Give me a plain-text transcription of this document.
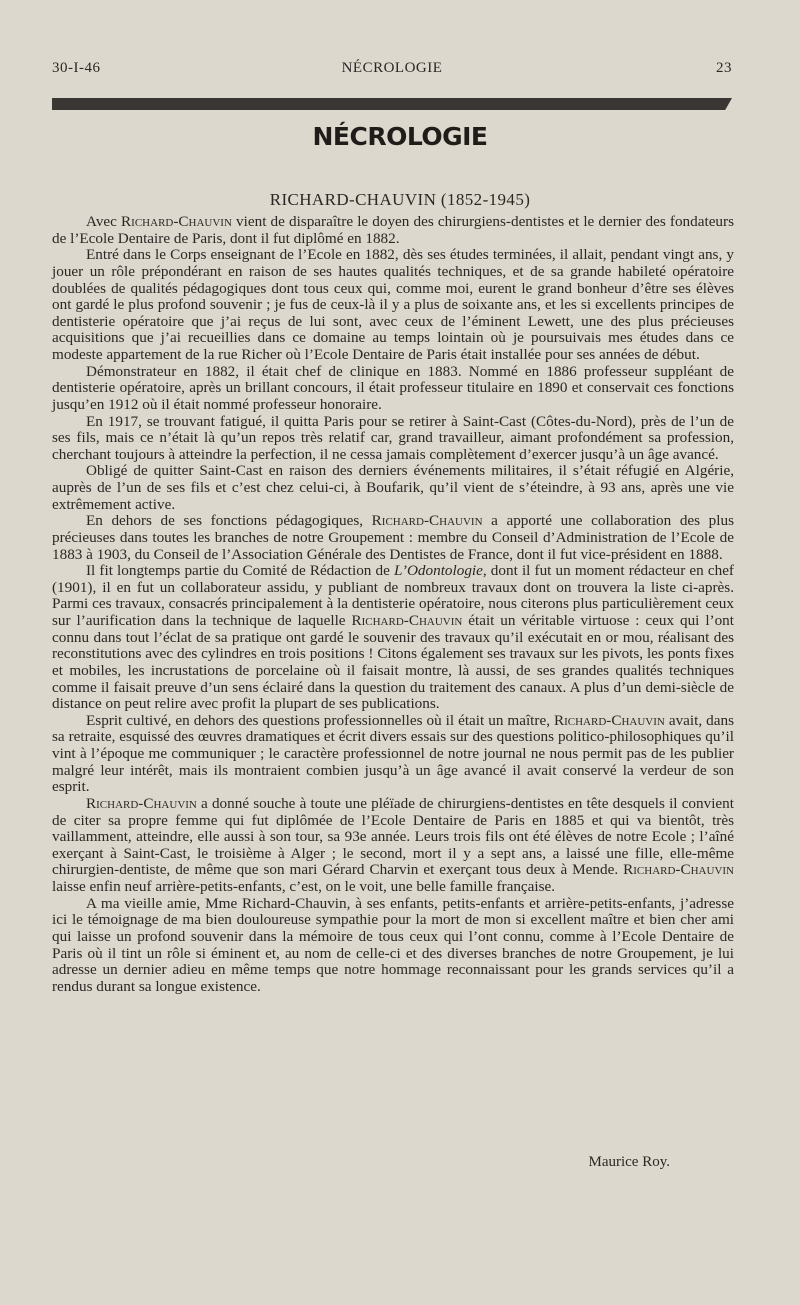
30-I-46	NÉCROLOGIE	23
NÉCROLOGIE
RICHARD-CHAUVIN (1852-1945)

Avec Richard-Chauvin vient de disparaître le doyen des chirurgiens-dentistes et le dernier des fondateurs de l’Ecole Dentaire de Paris, dont il fut diplômé en 1882.

Entré dans le Corps enseignant de l’Ecole en 1882, dès ses études terminées, il allait, pendant vingt ans, y jouer un rôle prépondérant en raison de ses hautes qualités techniques, et de sa grande habileté opératoire doublées de qualités pédagogiques dont tous ceux qui, comme moi, eurent le grand bonheur d’être ses élèves ont gardé le plus profond souvenir ; je fus de ceux-là il y a plus de soixante ans, et les si excellents principes de dentisterie opératoire que j’ai reçus de lui sont, avec ceux de l’éminent Lewett, une des plus précieuses acquisitions que j’ai recueillies dans ce domaine au temps lointain où je poursuivais mes études dans ce modeste appartement de la rue Richer où l’Ecole Dentaire de Paris était installée pour ses années de début.

Démonstrateur en 1882, il était chef de clinique en 1883. Nommé en 1886 professeur suppléant de dentisterie opératoire, après un brillant concours, il était professeur titulaire en 1890 et conservait ces fonctions jusqu’en 1912 où il était nommé professeur honoraire.

En 1917, se trouvant fatigué, il quitta Paris pour se retirer à Saint-Cast (Côtes-du-Nord), près de l’un de ses fils, mais ce n’était là qu’un repos très relatif car, grand travailleur, aimant profondément sa profession, cherchant toujours à atteindre la perfection, il ne cessa jamais complètement d’exercer jusqu’à un âge avancé.

Obligé de quitter Saint-Cast en raison des derniers événements militaires, il s’était réfugié en Algérie, auprès de l’un de ses fils et c’est chez celui-ci, à Boufarik, qu’il vient de s’éteindre, à 93 ans, après une vie extrêmement active.

En dehors de ses fonctions pédagogiques, Richard-Chauvin a apporté une collaboration des plus précieuses dans toutes les branches de notre Groupement : membre du Conseil d’Administration de l’Ecole de 1883 à 1903, du Conseil de l’Association Générale des Dentistes de France, dont il fut vice-président en 1888.

Il fit longtemps partie du Comité de Rédaction de L’Odontologie, dont il fut un moment rédacteur en chef (1901), il en fut un collaborateur assidu, y publiant de nombreux travaux dont on trouvera la liste ci-après. Parmi ces travaux, consacrés principalement à la dentisterie opératoire, nous citerons plus particulièrement ceux sur l’aurification dans la technique de laquelle Richard-Chauvin était un véritable virtuose : ceux qui l’ont connu dans tout l’éclat de sa pratique ont gardé le souvenir des travaux qu’il exécutait en or mou, réalisant des reconstitutions avec des cylindres en trois positions ! Citons également ses travaux sur les pivots, les ponts fixes et mobiles, les incrustations de porcelaine où il faisait montre, là aussi, de ses grandes qualités techniques comme il faisait preuve d’un sens éclairé dans la question du traitement des canaux. A plus d’un demi-siècle de distance on peut relire avec profit la plupart de ses publications.

Esprit cultivé, en dehors des questions professionnelles où il était un maître, Richard-Chauvin avait, dans sa retraite, esquissé des œuvres dramatiques et écrit divers essais sur des questions politico-philosophiques qu’il vint à l’époque me communiquer ; le caractère professionnel de notre journal ne nous permit pas de les publier malgré leur intérêt, mais ils montraient combien jusqu’à un âge avancé il avait conservé la verdeur de son esprit.

Richard-Chauvin a donné souche à toute une pléïade de chirurgiens-dentistes en tête desquels il convient de citer sa propre femme qui fut diplômée de l’Ecole Dentaire de Paris en 1885 et qui va bientôt, très vaillamment, atteindre, elle aussi à son tour, sa 93e année. Leurs trois fils ont été élèves de notre Ecole ; l’aîné exerçant à Saint-Cast, le troisième à Alger ; le second, mort il y a sept ans, a laissé une fille, elle-même chirurgien-dentiste, de même que son mari Gérard Charvin et exerçant tous deux à Mende. Richard-Chauvin laisse enfin neuf arrière-petits-enfants, c’est, on le voit, une belle famille française.

A ma vieille amie, Mme Richard-Chauvin, à ses enfants, petits-enfants et arrière-petits-enfants, j’adresse ici le témoignage de ma bien douloureuse sympathie pour la mort de mon si excellent maître et bien cher ami qui laisse un profond souvenir dans la mémoire de tous ceux qui l’ont connu, comme à l’Ecole Dentaire de Paris où il tint un rôle si éminent et, au nom de celle-ci et des diverses branches de notre Groupement, je lui adresse un dernier adieu en même temps que notre hommage reconnaissant pour les grands services qu’il a rendus durant sa longue existence.

Maurice Roy.
